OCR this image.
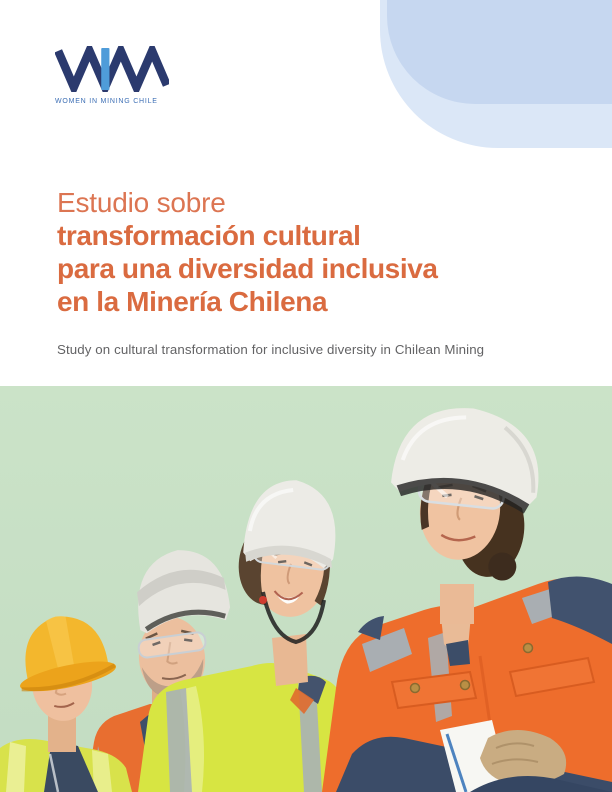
WOMEN IN MINING CHILE
Estudio sobre
transformación cultural
para una diversidad inclusiva
en la Minería Chilena
Study on cultural transformation for inclusive diversity in Chilean Mining
